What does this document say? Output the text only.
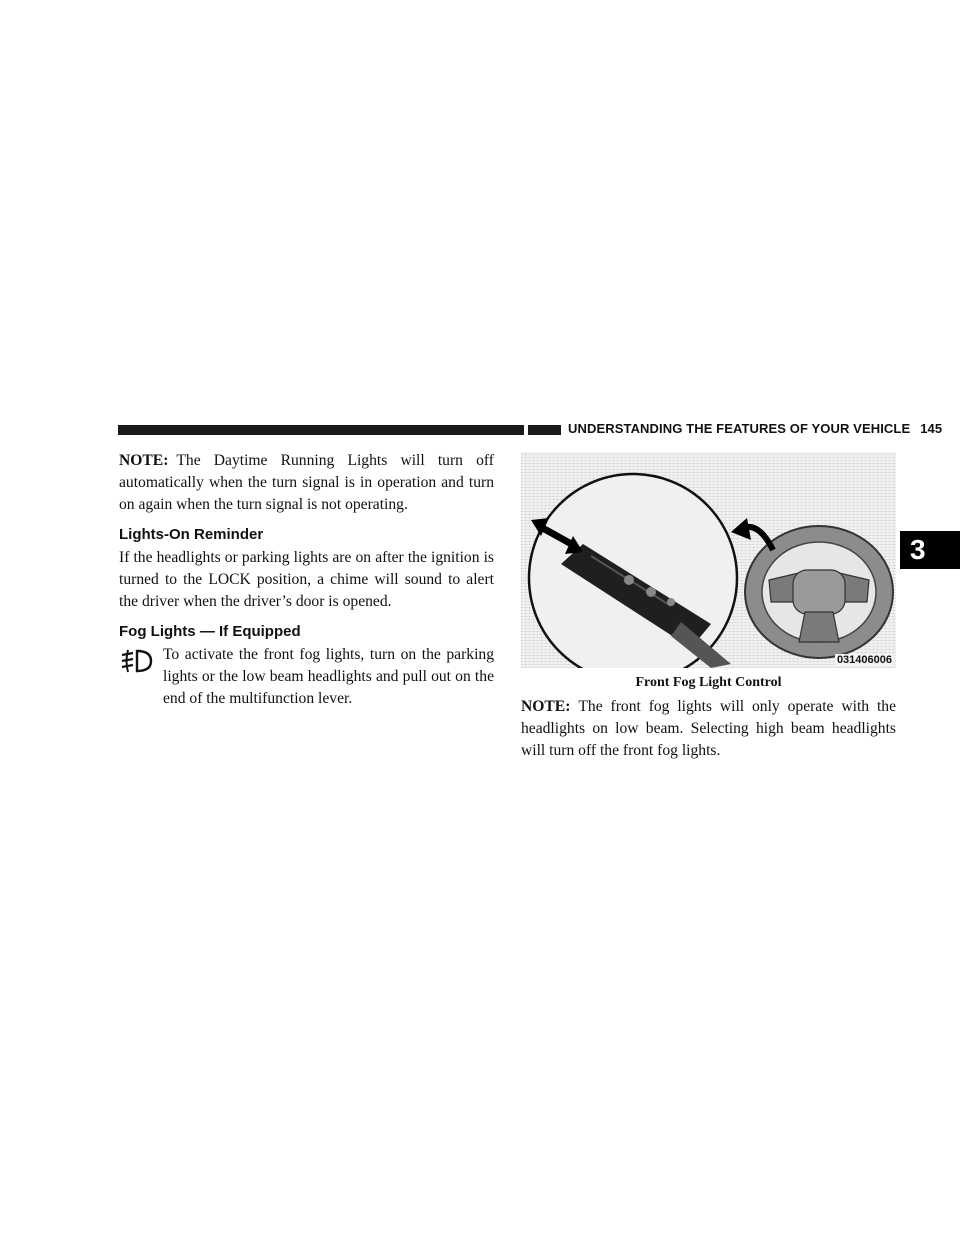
UNDERSTANDING THE FEATURES OF YOUR VEHICLE 145
3

NOTE: The Daytime Running Lights will turn off automatically when the turn signal is in operation and turn on again when the turn signal is not operating.

Lights-On Reminder

If the headlights or parking lights are on after the ignition is turned to the LOCK position, a chime will sound to alert the driver when the driver’s door is opened.

Fog Lights — If Equipped

To activate the front fog lights, turn on the parking lights or the low beam headlights and pull out on the end of the multifunction lever.

031406006
Front Fog Light Control

NOTE: The front fog lights will only operate with the headlights on low beam. Selecting high beam headlights will turn off the front fog lights.
